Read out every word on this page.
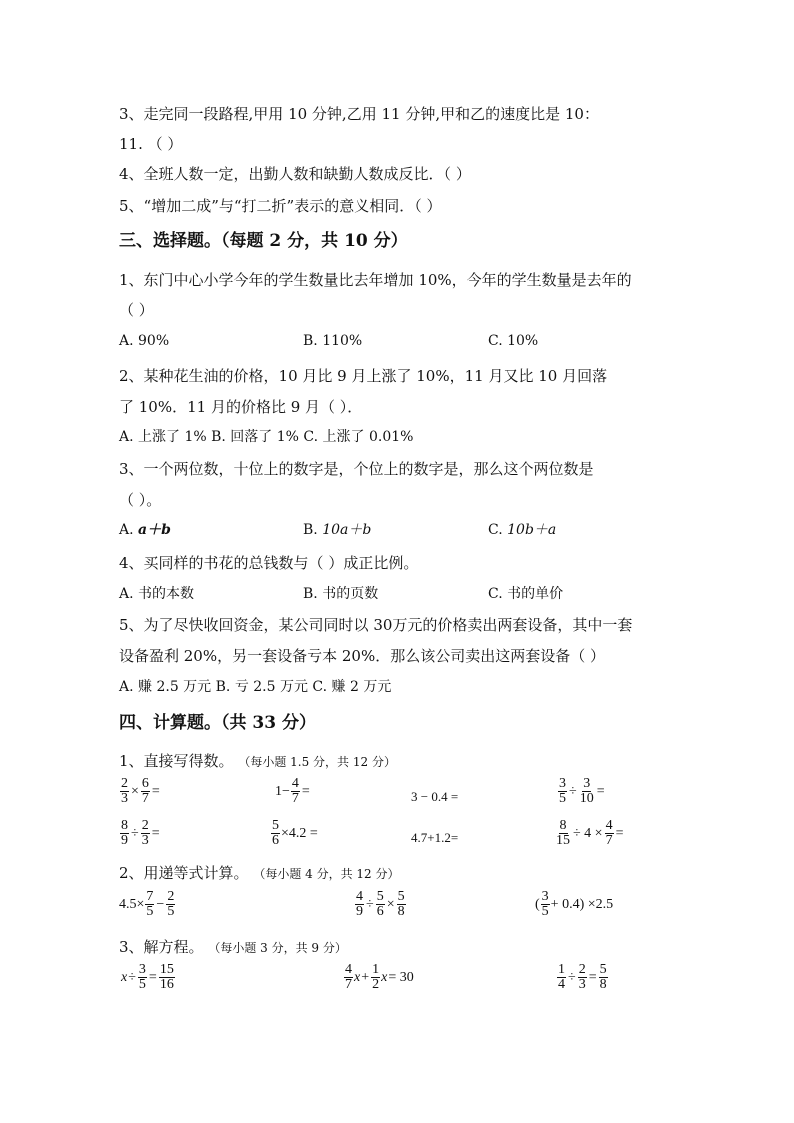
3、走完同一段路程,甲用 10 分钟,乙用 11 分钟,甲和乙的速度比是 10：
11. （ ）
4、全班人数一定，出勤人数和缺勤人数成反比．（ ）
5、“增加二成”与“打二折”表示的意义相同．（ ）
三、选择题。（每题 2 分，共 10 分）
1、东门中心小学今年的学生数量比去年增加 10%，今年的学生数量是去年的
（ ）
A. 90%	B. 110%	C. 10%
2、某种花生油的价格，10 月比 9 月上涨了 10%，11 月又比 10 月回落
了 10%．11 月的价格比 9 月（ ）．
A. 上涨了 1% B. 回落了 1% C. 上涨了 0.01%
3、一个两位数，十位上的数字是，个位上的数字是，那么这个两位数是
（ ）。
A. a＋b	B. 10a＋b	C. 10b＋a
4、买同样的书花的总钱数与（ ）成正比例。
A. 书的本数	B. 书的页数	C. 书的单价
5、为了尽快收回资金，某公司同时以 30万元的价格卖出两套设备，其中一套
设备盈利 20%，另一套设备亏本 20%．那么该公司卖出这两套设备（ ）
A. 赚 2.5 万元 B. 亏 2.5 万元 C. 赚 2 万元
四、计算题。（共 33 分）
1、直接写得数。 （每小题 1.5 分，共 12 分）
$\frac{2}{3} \times \frac{6}{7}$ =	$1- \frac{4}{7}$ =	3 − 0.4 =	$\frac{3}{5} \div \frac{3}{10}$ =
$\frac{8}{9} \div \frac{2}{3}$ =	$\frac{5}{6} \times 4.2$ =	4.7+1.2=	$\frac{8}{15} \div 4 \times \frac{4}{7}$ =
2、用递等式计算。 （每小题 4 分，共 12 分）
$4.5\times \frac{7}{5} - \frac{2}{5}$	$\frac{4}{9} \div \frac{5}{6} \times \frac{5}{8}$	( $\frac{3}{5} + 0.4) \times 2.5$
3、解方程。 （每小题 3 分，共 9 分）
$x \div \frac{3}{5} = \frac{15}{16}$	$\frac{4}{7}$ $x + \frac{1}{2}$ x = 30	$\frac{1}{4} \div \frac{2}{3} = \frac{5}{8}$
